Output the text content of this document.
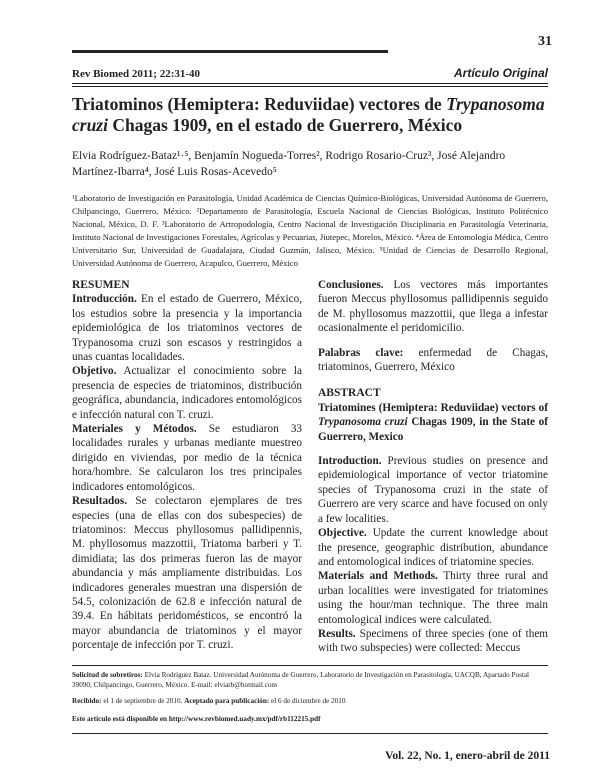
31
Rev Biomed 2011; 22:31-40	Artículo Original
Triatominos (Hemiptera: Reduviidae) vectores de Trypanosoma cruzi Chagas 1909, en el estado de Guerrero, México
Elvia Rodríguez-Bataz¹·⁵, Benjamín Nogueda-Torres², Rodrigo Rosario-Cruz³, José Alejandro Martínez-Ibarra⁴, José Luis Rosas-Acevedo⁵
¹Laboratorio de Investigación en Parasitología, Unidad Académica de Ciencias Químico-Biológicas, Universidad Autónoma de Guerrero, Chilpancingo, Guerrero, México. ²Departamento de Parasitología, Escuela Nacional de Ciencias Biológicas, Instituto Politécnico Nacional, México, D. F. ³Laboratorio de Artropodología, Centro Nacional de Investigación Disciplinaria en Parasitología Veterinaria, Instituto Nacional de Investigaciones Forestales, Agrícolas y Pecuarias, Jiutepec, Morelos, México. ⁴Área de Entomología Médica, Centro Universitario Sur, Universidad de Guadalajara, Ciudad Guzmán, Jalisco, México. ⁵Unidad de Ciencias de Desarrollo Regional, Universidad Autónoma de Guerrero, Acapulco, Guerrero, México

RESUMEN

Introducción. En el estado de Guerrero, México, los estudios sobre la presencia y la importancia epidemiológica de los triatominos vectores de Trypanosoma cruzi son escasos y restringidos a unas cuantas localidades.

Objetivo. Actualizar el conocimiento sobre la presencia de especies de triatominos, distribución geográfica, abundancia, indicadores entomológicos e infección natural con T. cruzi.

Materiales y Métodos. Se estudiaron 33 localidades rurales y urbanas mediante muestreo dirigido en viviendas, por medio de la técnica hora/hombre. Se calcularon los tres principales indicadores entomológicos.

Resultados. Se colectaron ejemplares de tres especies (una de ellas con dos subespecies) de triatominos: Meccus phyllosomus pallidipennis, M. phyllosomus mazzottii, Triatoma barberi y T. dimidiata; las dos primeras fueron las de mayor abundancia y más ampliamente distribuidas. Los indicadores generales muestran una dispersión de 54.5, colonización de 62.8 e infección natural de 39.4. En hábitats peridomésticos, se encontró la mayor abundancia de triatominos y el mayor porcentaje de infección por T. cruzi.

Conclusiones. Los vectores más importantes fueron Meccus phyllosomus pallidipennis seguido de M. phyllosomus mazzottii, que llega a infestar ocasionalmente el peridomicilio.

Palabras clave: enfermedad de Chagas, triatominos, Guerrero, México

ABSTRACT

Triatomines (Hemiptera: Reduviidae) vectors of Trypanosoma cruzi Chagas 1909, in the State of Guerrero, Mexico

Introduction. Previous studies on presence and epidemiological importance of vector triatomine species of Trypanosoma cruzi in the state of Guerrero are very scarce and have focused on only a few localities.

Objective. Update the current knowledge about the presence, geographic distribution, abundance and entomological indices of triatomine species.

Materials and Methods. Thirty three rural and urban localities were investigated for triatomines using the hour/man technique. The three main entomological indices were calculated.

Results. Specimens of three species (one of them with two subspecies) were collected: Meccus

Solicitud de sobretiros: Elvia Rodríguez Bataz. Universidad Autónoma de Guerrero, Laboratorio de Investigación en Parasitología, UACQB, Apartado Postal 39090, Chilpancingo, Guerrero, México. E-mail: elviarb@hotmail.com
Recibido: el 1 de septiembre de 2010. Aceptado para publicación: el 6 de diciembre de 2010
Este artículo está disponible en http://www.revbiomed.uady.mx/pdf/rb112215.pdf
Vol. 22, No. 1, enero-abril de 2011
